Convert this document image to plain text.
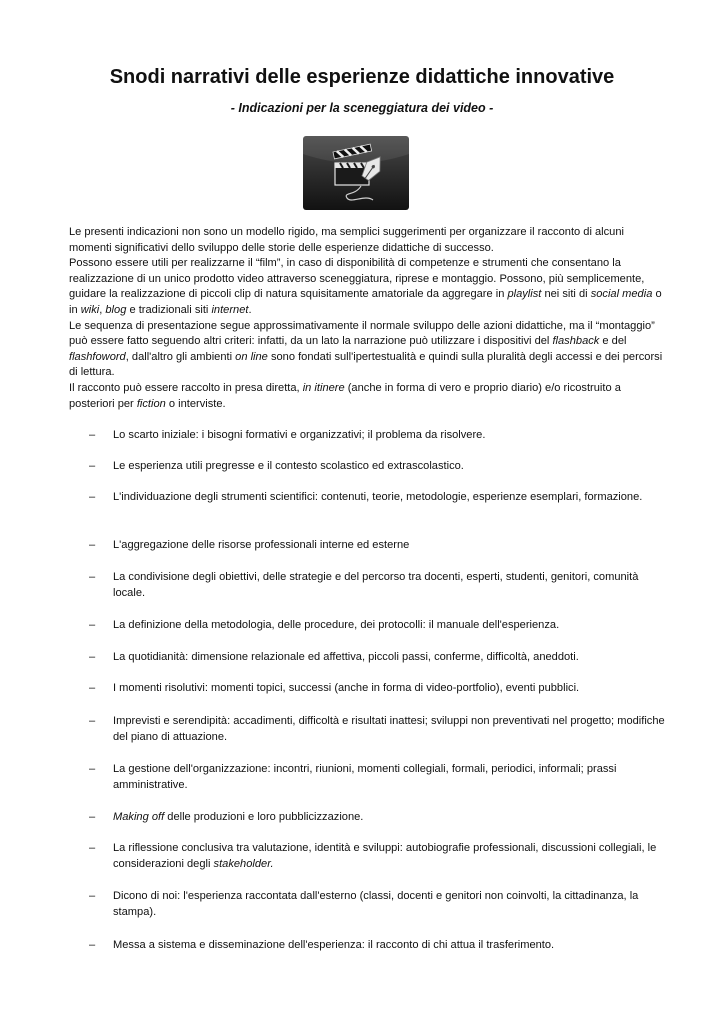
Snodi narrativi delle esperienze didattiche innovative
- Indicazioni per la sceneggiatura dei video -

Le presenti indicazioni non sono un modello rigido, ma semplici suggerimenti per organizzare il racconto di alcuni momenti significativi dello sviluppo delle storie delle esperienze didattiche di successo.

Possono essere utili per realizzarne il “film”, in caso di disponibilità di competenze e strumenti che consentano la realizzazione di un unico prodotto video attraverso sceneggiatura, riprese e montaggio. Possono, più semplicemente, guidare la realizzazione di piccoli clip di natura squisitamente amatoriale da aggregare in playlist nei siti di social media o in wiki, blog e tradizionali siti internet.

Le sequenza di presentazione segue approssimativamente il normale sviluppo delle azioni didattiche, ma il “montaggio” può essere fatto seguendo altri criteri: infatti, da un lato la narrazione può utilizzare i dispositivi del flashback e del flashfoword, dall'altro gli ambienti on line sono fondati sull'ipertestualità e quindi sulla pluralità degli accessi e dei percorsi di lettura.

Il racconto può essere raccolto in presa diretta, in itinere (anche in forma di vero e proprio diario) e/o ricostruito a posteriori per fiction o interviste.

– Lo scarto iniziale: i bisogni formativi e organizzativi; il problema da risolvere.
– Le esperienza utili pregresse e il contesto scolastico ed extrascolastico.
– L'individuazione degli strumenti scientifici: contenuti, teorie, metodologie, esperienze esemplari, formazione.
– L'aggregazione delle risorse professionali interne ed esterne
– La condivisione degli obiettivi, delle strategie e del percorso tra docenti, esperti, studenti, genitori, comunità locale.
– La definizione della metodologia, delle procedure, dei protocolli: il manuale dell'esperienza.
– La quotidianità: dimensione relazionale ed affettiva, piccoli passi, conferme, difficoltà, aneddoti.
– I momenti risolutivi: momenti topici, successi (anche in forma di video-portfolio), eventi pubblici.
– Imprevisti e serendipità: accadimenti, difficoltà e risultati inattesi; sviluppi non preventivati nel progetto; modifiche del piano di attuazione.
– La gestione dell'organizzazione: incontri, riunioni, momenti collegiali, formali, periodici, informali; prassi amministrative.
– Making off delle produzioni e loro pubblicizzazione.
– La riflessione conclusiva tra valutazione, identità e sviluppi: autobiografie professionali, discussioni collegiali, le considerazioni degli stakeholder.
– Dicono di noi: l'esperienza raccontata dall'esterno (classi, docenti e genitori non coinvolti, la cittadinanza, la stampa).
– Messa a sistema e disseminazione dell'esperienza: il racconto di chi attua il trasferimento.
